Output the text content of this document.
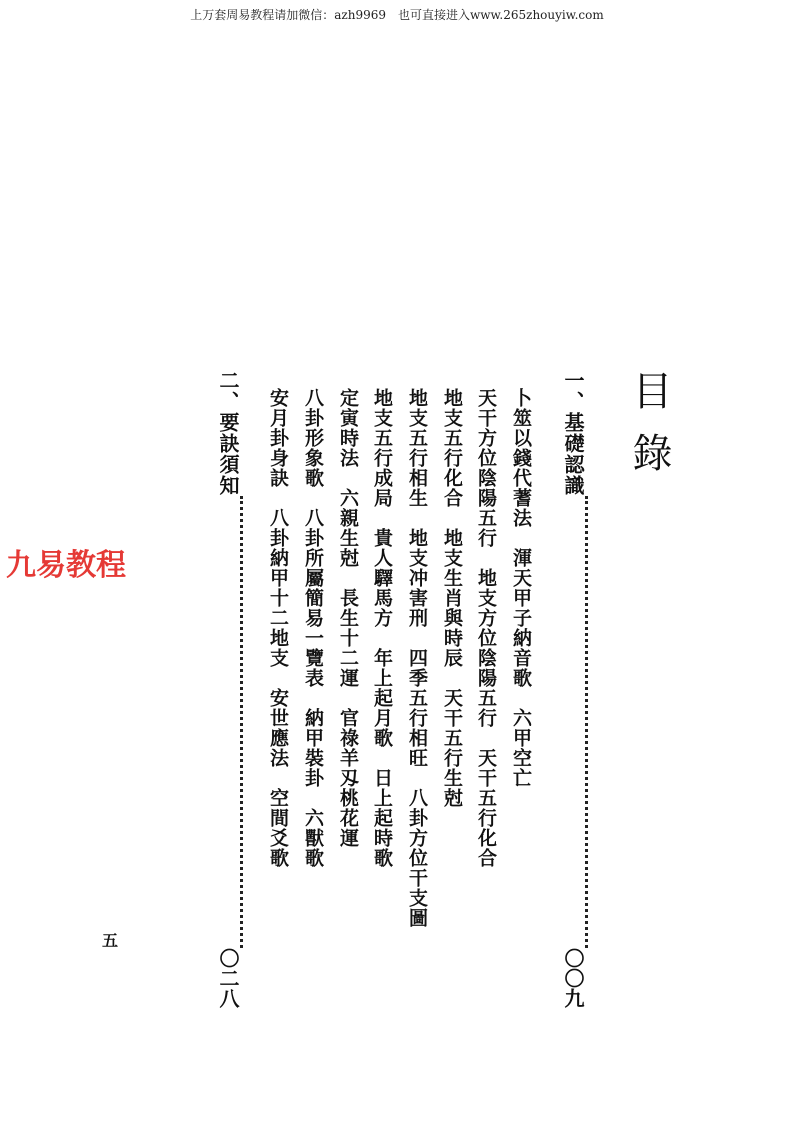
上万套周易教程请加微信：azh9969　也可直接进入www.265zhouyiw.com
目錄
一、基礎認識〇〇九
卜筮以錢代蓍法渾天甲子納音歌六甲空亡
天干方位陰陽五行地支方位陰陽五行天干五行化合
地支五行化合地支生肖與時辰天干五行生尅
地支五行相生地支冲害刑四季五行相旺八卦方位干支圖
地支五行成局貴人驛馬方年上起月歌日上起時歌
定寅時法六親生尅長生十二運官祿羊刄桃花運
八卦形象歌八卦所屬簡易一覽表納甲裝卦六獸歌
安月卦身訣八卦納甲十二地支安世應法空間爻歌
二、要訣須知〇二八
五
九易教程
